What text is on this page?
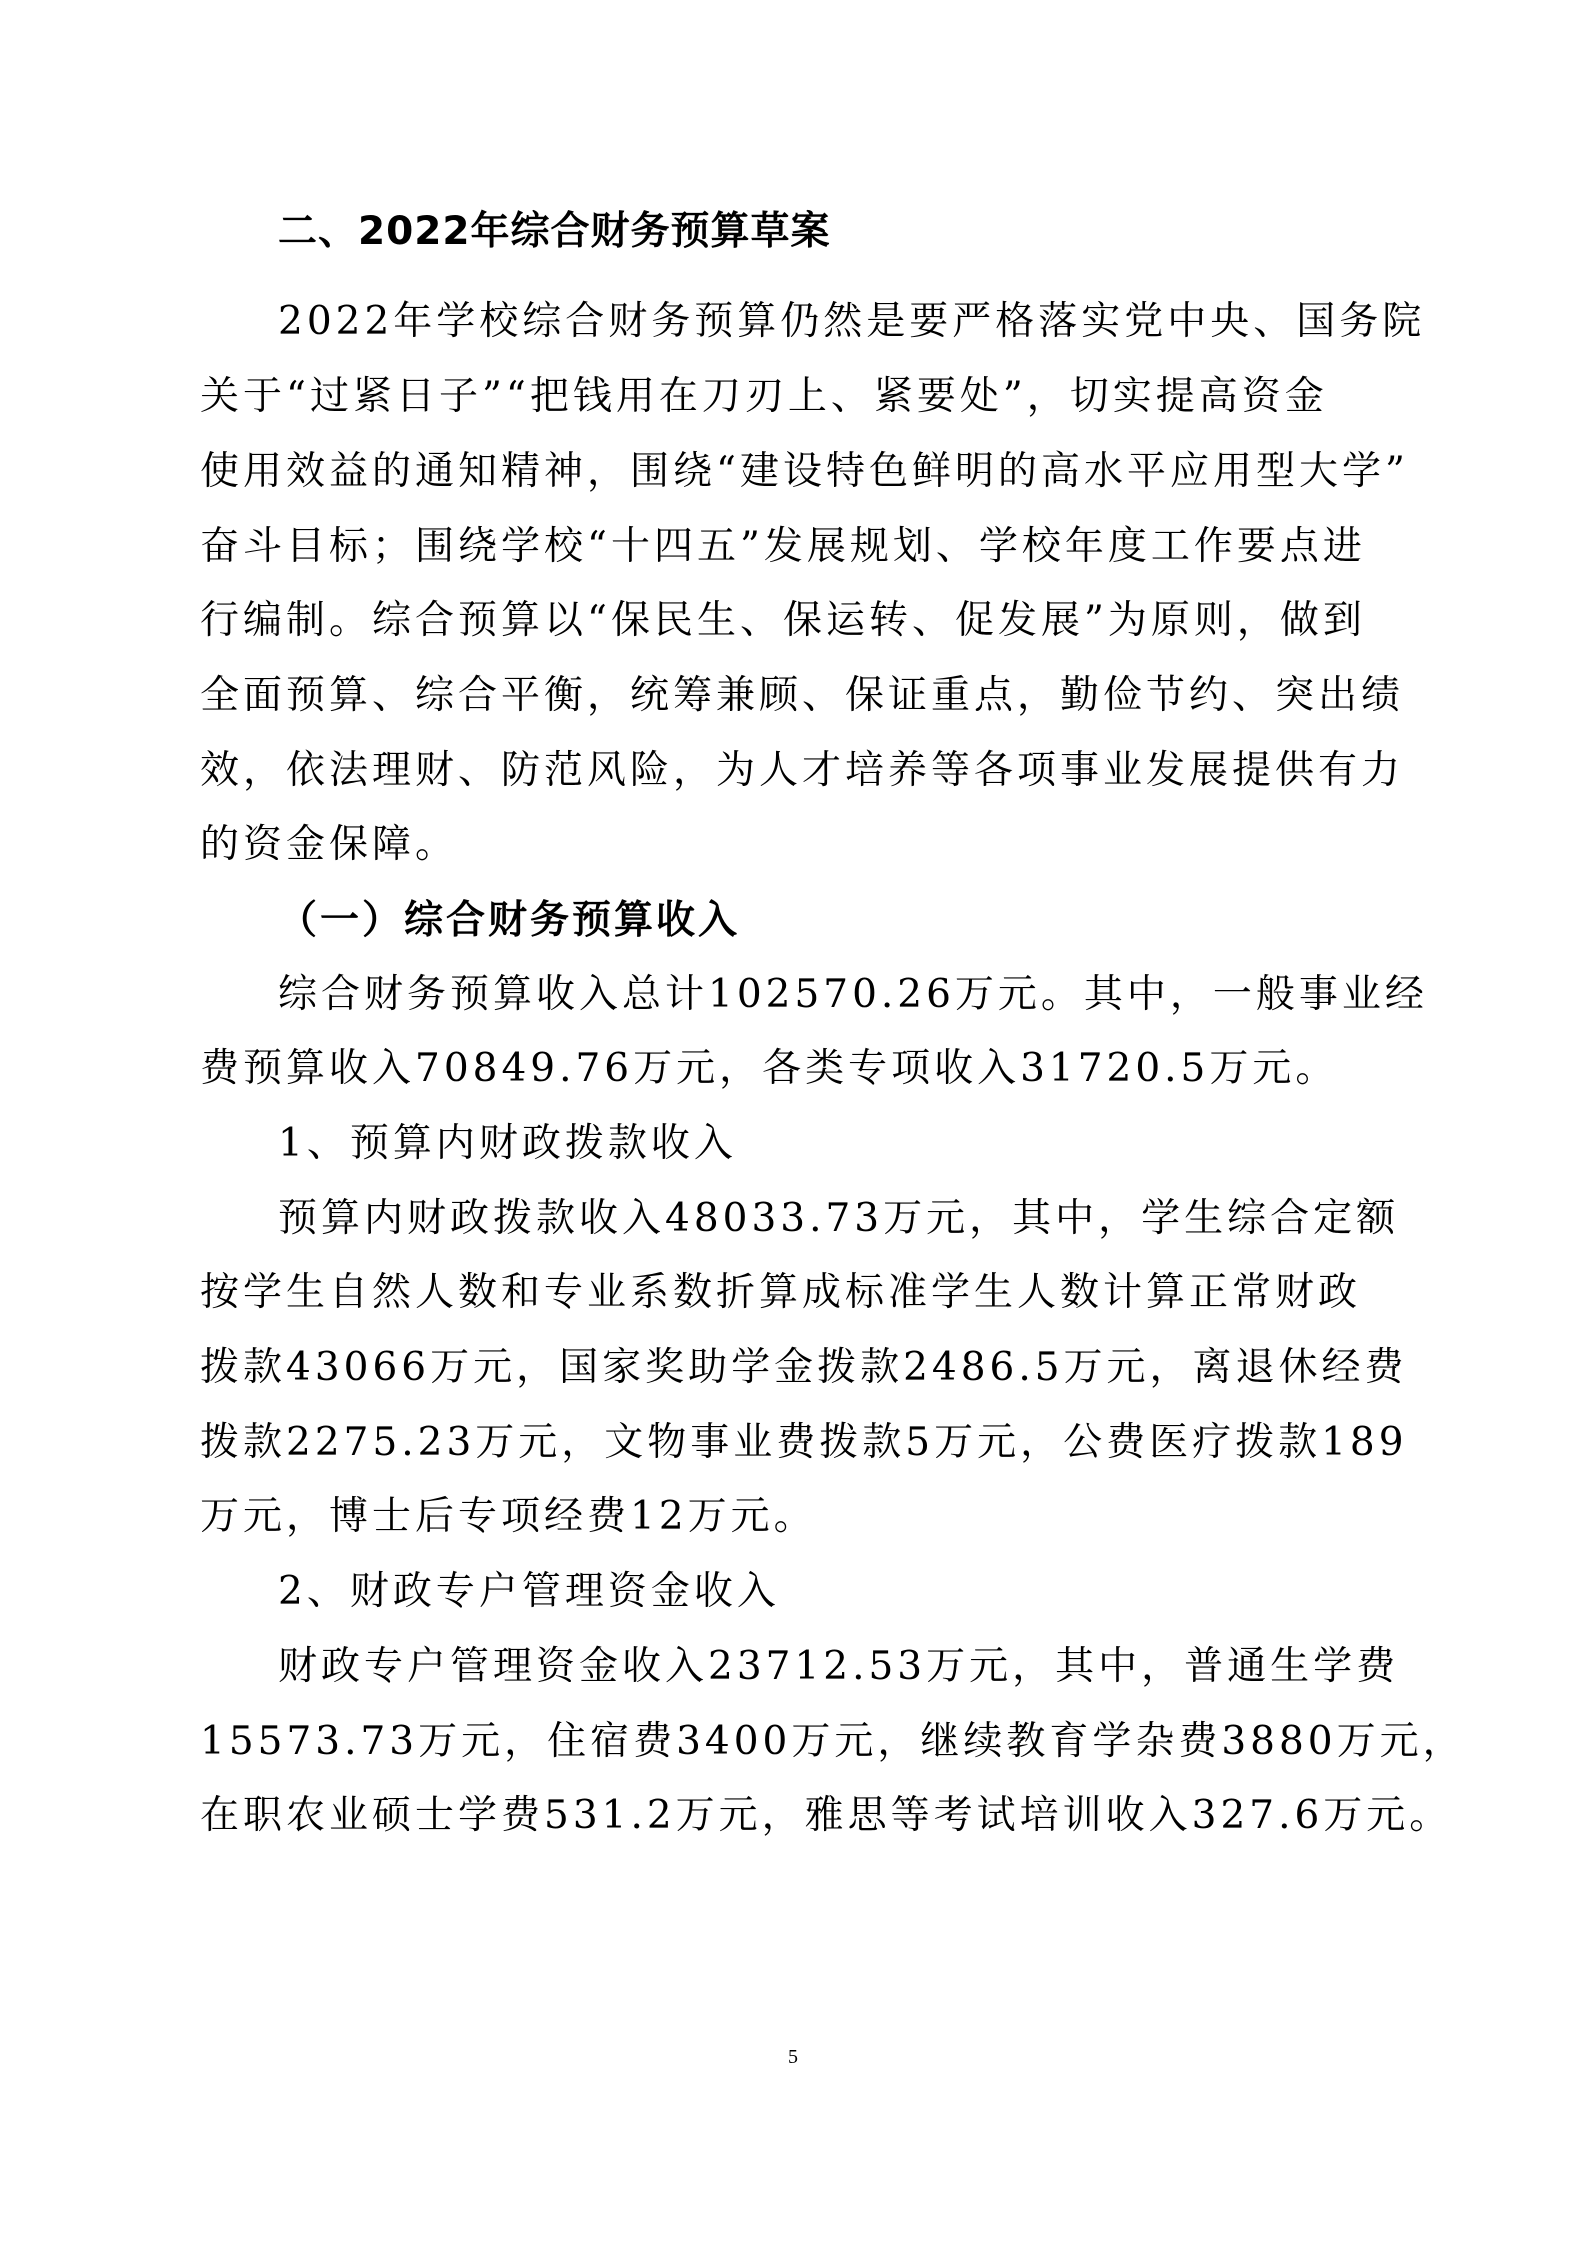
二、2022年综合财务预算草案
2022年学校综合财务预算仍然是要严格落实党中央、国务院
关于“过紧日子”“把钱用在刀刃上、紧要处”，切实提高资金
使用效益的通知精神，围绕“建设特色鲜明的高水平应用型大学”
奋斗目标；围绕学校“十四五”发展规划、学校年度工作要点进
行编制。综合预算以“保民生、保运转、促发展”为原则，做到
全面预算、综合平衡，统筹兼顾、保证重点，勤俭节约、突出绩
效，依法理财、防范风险，为人才培养等各项事业发展提供有力
的资金保障。
（一）综合财务预算收入
综合财务预算收入总计102570.26万元。其中，一般事业经
费预算收入70849.76万元，各类专项收入31720.5万元。
1、预算内财政拨款收入
预算内财政拨款收入48033.73万元，其中，学生综合定额
按学生自然人数和专业系数折算成标准学生人数计算正常财政
拨款43066万元，国家奖助学金拨款2486.5万元，离退休经费
拨款2275.23万元，文物事业费拨款5万元，公费医疗拨款189
万元，博士后专项经费12万元。
2、财政专户管理资金收入
财政专户管理资金收入23712.53万元，其中，普通生学费
15573.73万元，住宿费3400万元，继续教育学杂费3880万元，
在职农业硕士学费531.2万元，雅思等考试培训收入327.6万元。
5
